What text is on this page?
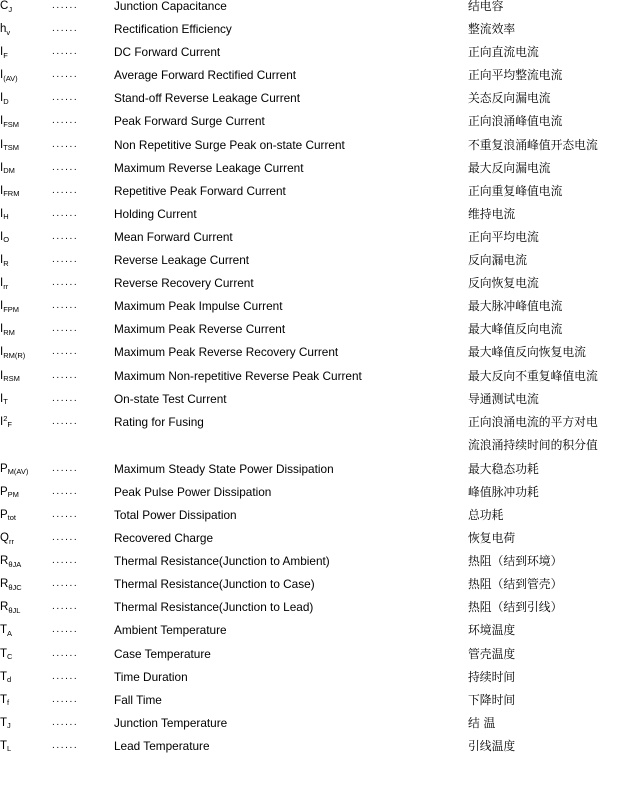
$C_J$	......	Junction Capacitance	结电容
$h_v$	......	Rectification Efficiency	整流效率
$I_F$	......	DC Forward Current	正向直流电流
$I_{(AV)}$	......	Average Forward Rectified Current	正向平均整流电流
$I_D$	......	Stand-off Reverse Leakage Current	关态反向漏电流
$I_{FSM}$	......	Peak Forward Surge Current	正向浪涌峰值电流
$I_{TSM}$	......	Non Repetitive Surge Peak on-state Current	不重复浪涌峰值开态电流
$I_{DM}$	......	Maximum Reverse Leakage Current	最大反向漏电流
$I_{FRM}$	......	Repetitive Peak Forward Current	正向重复峰值电流
$I_H$	......	Holding Current	维持电流
$I_O$	......	Mean Forward Current	正向平均电流
$I_R$	......	Reverse Leakage Current	反向漏电流
$I_{rr}$	......	Reverse Recovery Current	反向恢复电流
$I_{FPM}$	......	Maximum Peak Impulse Current	最大脉冲峰值电流
$I_{RM}$	......	Maximum Peak Reverse Current	最大峰值反向电流
$I_{RM(R)}$	......	Maximum Peak Reverse Recovery Current	最大峰值反向恢复电流
$I_{RSM}$	......	Maximum Non-repetitive Reverse Peak Current	最大反向不重复峰值电流
$I_T$	......	On-state Test Current	导通测试电流
$I^2_F$	......	Rating for Fusing	正向浪涌电流的平方对电
			流浪涌持续时间的积分值

$P_{M(AV)}$	......	Maximum Steady State Power Dissipation	最大稳态功耗
$P_{PM}$	......	Peak Pulse Power Dissipation	峰值脉冲功耗
$P_{tot}$	......	Total Power Dissipation	总功耗
$Q_{rr}$	......	Recovered Charge	恢复电荷
$R_{\theta JA}$	......	Thermal Resistance(Junction to Ambient)	热阻（结到环境）
$R_{\theta JC}$	......	Thermal Resistance(Junction to Case)	热阻（结到管壳）
$R_{\theta JL}$	......	Thermal Resistance(Junction to Lead)	热阻（结到引线）
$T_A$	......	Ambient Temperature	环境温度
$T_C$	......	Case Temperature	管壳温度
$T_d$	......	Time Duration	持续时间
$T_f$	......	Fall Time	下降时间
$T_J$	......	Junction Temperature	结 温
$T_L$	......	Lead Temperature	引线温度
